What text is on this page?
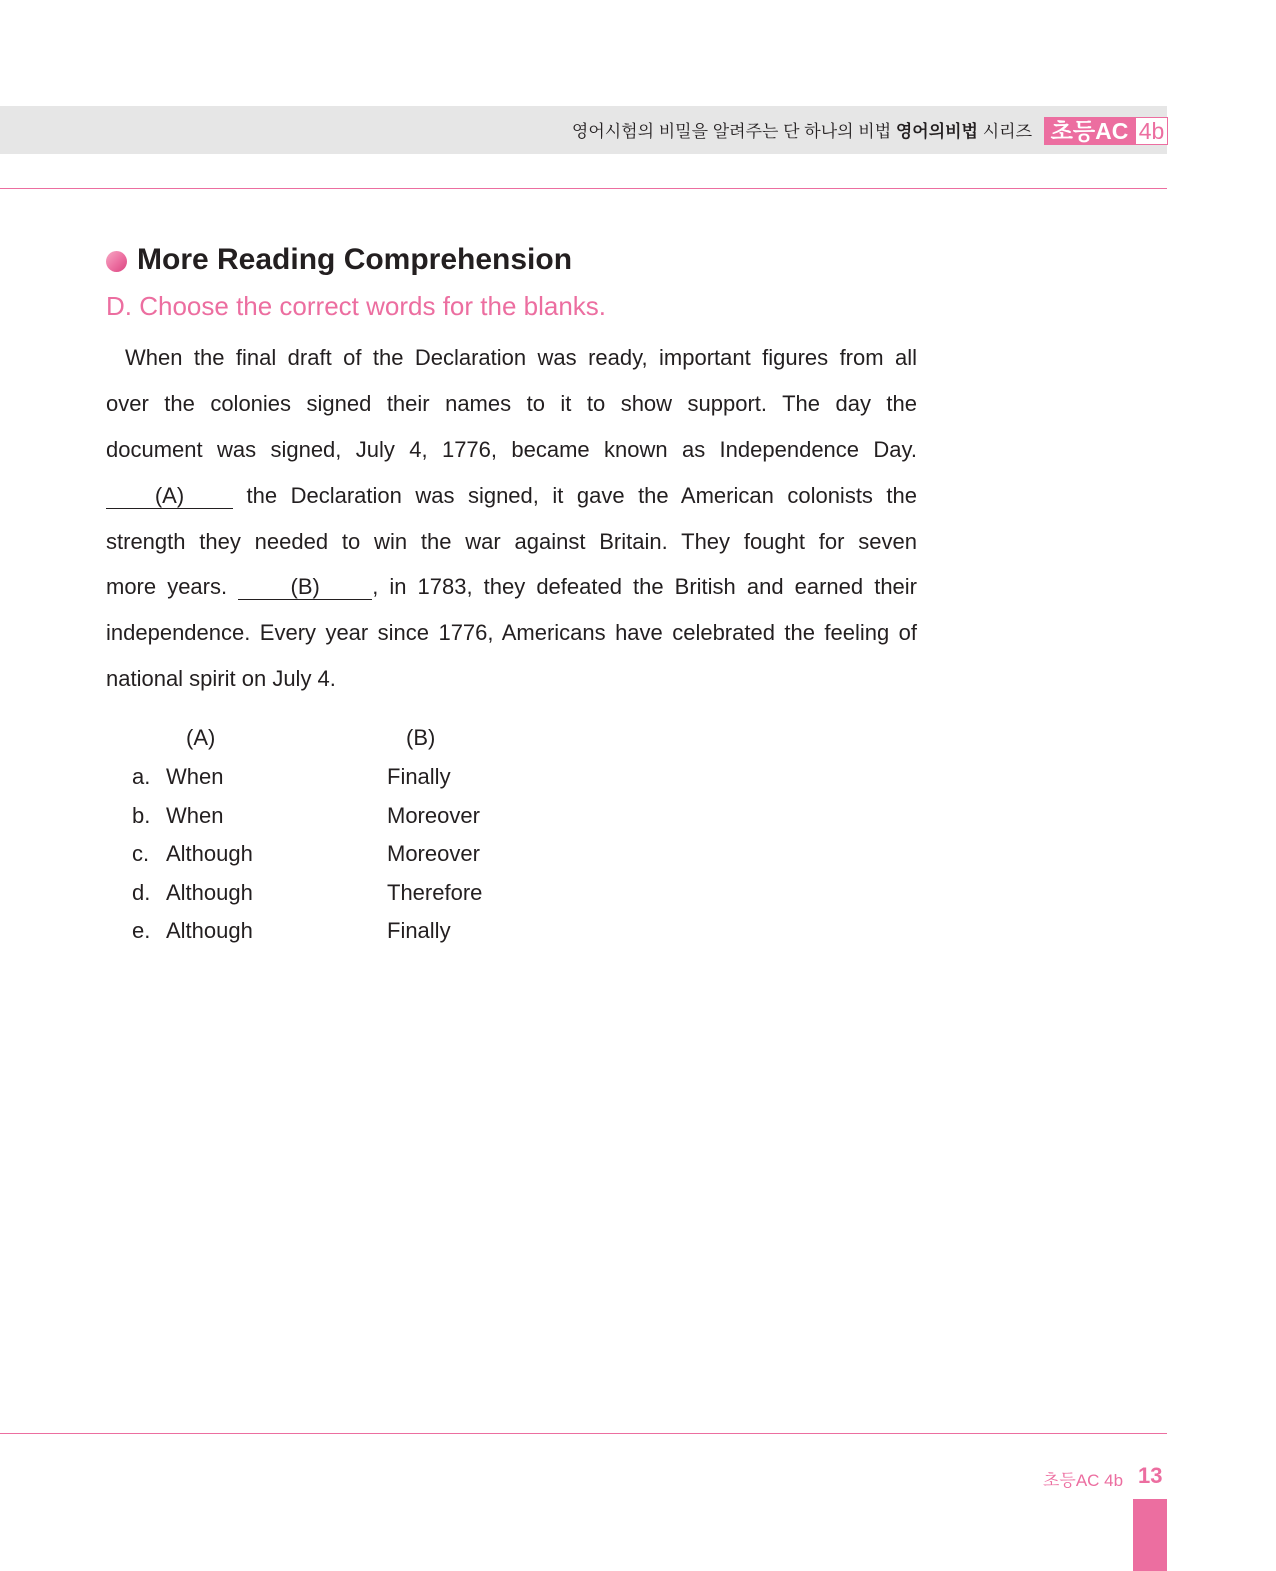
영어시험의 비밀을 알려주는 단 하나의 비법 영어의비법 시리즈 초등AC 4b
More Reading Comprehension
D. Choose the correct words for the blanks.
When the final draft of the Declaration was ready, important figures from all
over the colonies signed their names to it to show support. The day the
document was signed, July 4, 1776, became known as Independence Day.
(A)	the Declaration was signed, it gave the American colonists the
strength they needed to win the war against Britain. They fought for seven
more years.	(B) , in 1783, they defeated the British and earned their
independence. Every year since 1776, Americans have celebrated the feeling of
national spirit on July 4.
(A)	(B)
a. When	Finally
b. When	Moreover
c. Although	Moreover
d. Although	Therefore
e. Although	Finally
초등AC 4b 13
